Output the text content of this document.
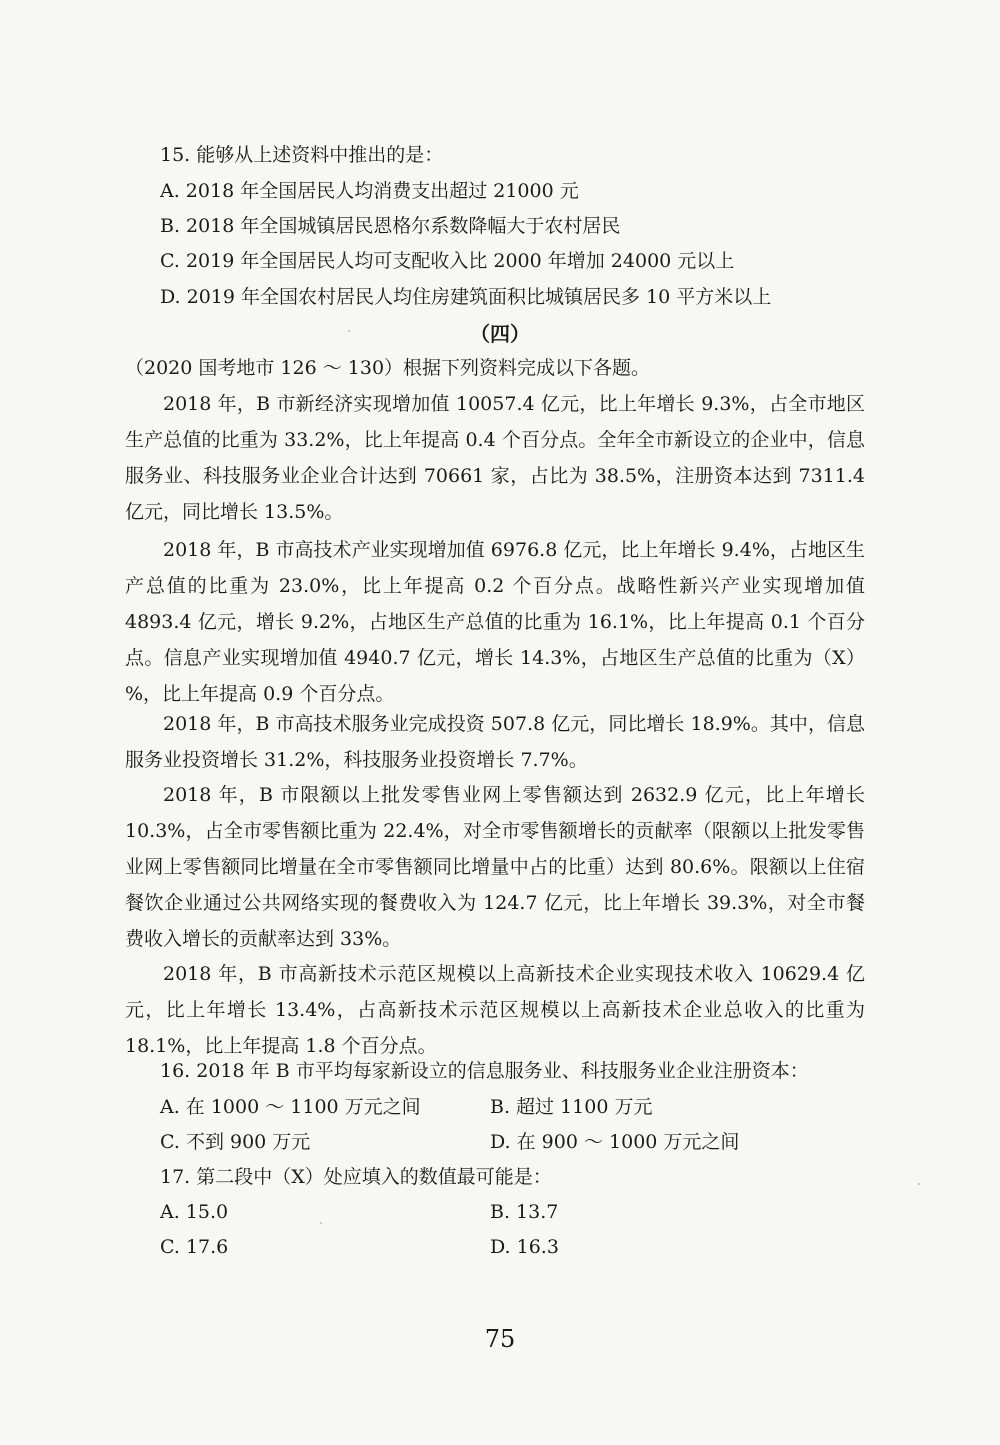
15. 能够从上述资料中推出的是：
A. 2018 年全国居民人均消费支出超过 21000 元
B. 2018 年全国城镇居民恩格尔系数降幅大于农村居民
C. 2019 年全国居民人均可支配收入比 2000 年增加 24000 元以上
D. 2019 年全国农村居民人均住房建筑面积比城镇居民多 10 平方米以上
（四）
（2020 国考地市 126 ～ 130）根据下列资料完成以下各题。
2018 年，B 市新经济实现增加值 10057.4 亿元，比上年增长 9.3%，占全市地区生产总值的比重为 33.2%，比上年提高 0.4 个百分点。全年全市新设立的企业中，信息服务业、科技服务业企业合计达到 70661 家，占比为 38.5%，注册资本达到 7311.4 亿元，同比增长 13.5%。
2018 年，B 市高技术产业实现增加值 6976.8 亿元，比上年增长 9.4%，占地区生产总值的比重为 23.0%，比上年提高 0.2 个百分点。战略性新兴产业实现增加值 4893.4 亿元，增长 9.2%，占地区生产总值的比重为 16.1%，比上年提高 0.1 个百分点。信息产业实现增加值 4940.7 亿元，增长 14.3%，占地区生产总值的比重为（X）%，比上年提高 0.9 个百分点。
2018 年，B 市高技术服务业完成投资 507.8 亿元，同比增长 18.9%。其中，信息服务业投资增长 31.2%，科技服务业投资增长 7.7%。
2018 年，B 市限额以上批发零售业网上零售额达到 2632.9 亿元，比上年增长 10.3%，占全市零售额比重为 22.4%，对全市零售额增长的贡献率（限额以上批发零售业网上零售额同比增量在全市零售额同比增量中占的比重）达到 80.6%。限额以上住宿餐饮企业通过公共网络实现的餐费收入为 124.7 亿元，比上年增长 39.3%，对全市餐费收入增长的贡献率达到 33%。
2018 年，B 市高新技术示范区规模以上高新技术企业实现技术收入 10629.4 亿元，比上年增长 13.4%，占高新技术示范区规模以上高新技术企业总收入的比重为 18.1%，比上年提高 1.8 个百分点。
16. 2018 年 B 市平均每家新设立的信息服务业、科技服务业企业注册资本：
A. 在 1000 ～ 1100 万元之间	B. 超过 1100 万元
C. 不到 900 万元	D. 在 900 ～ 1000 万元之间
17. 第二段中（X）处应填入的数值最可能是：
A. 15.0	B. 13.7
C. 17.6	D. 16.3
75
